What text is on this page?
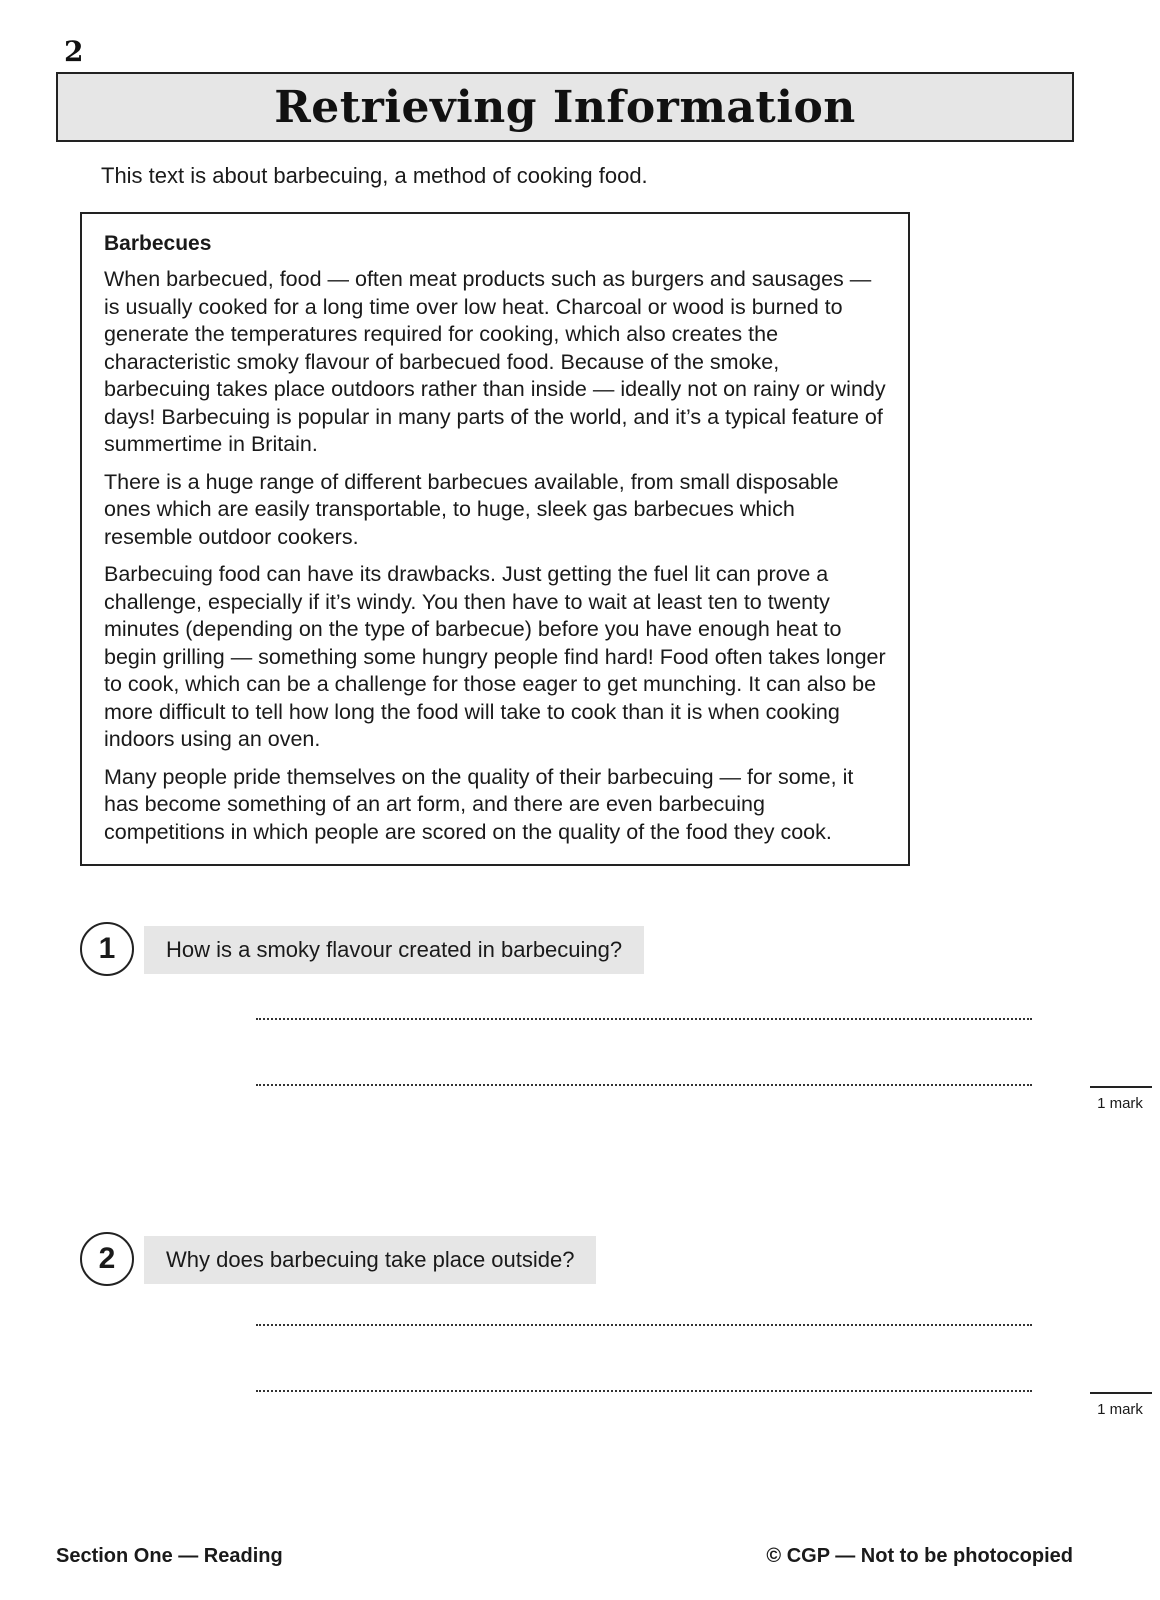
2
Retrieving Information
This text is about barbecuing, a method of cooking food.
Barbecues

When barbecued, food — often meat products such as burgers and sausages — is usually cooked for a long time over low heat. Charcoal or wood is burned to generate the temperatures required for cooking, which also creates the characteristic smoky flavour of barbecued food. Because of the smoke, barbecuing takes place outdoors rather than inside — ideally not on rainy or windy days! Barbecuing is popular in many parts of the world, and it’s a typical feature of summertime in Britain.

There is a huge range of different barbecues available, from small disposable ones which are easily transportable, to huge, sleek gas barbecues which resemble outdoor cookers.

Barbecuing food can have its drawbacks. Just getting the fuel lit can prove a challenge, especially if it’s windy. You then have to wait at least ten to twenty minutes (depending on the type of barbecue) before you have enough heat to begin grilling — something some hungry people find hard! Food often takes longer to cook, which can be a challenge for those eager to get munching. It can also be more difficult to tell how long the food will take to cook than it is when cooking indoors using an oven.

Many people pride themselves on the quality of their barbecuing — for some, it has become something of an art form, and there are even barbecuing competitions in which people are scored on the quality of the food they cook.

1	How is a smoky flavour created in barbecuing?
1 mark
2	Why does barbecuing take place outside?
1 mark
Section One — Reading	© CGP — Not to be photocopied
